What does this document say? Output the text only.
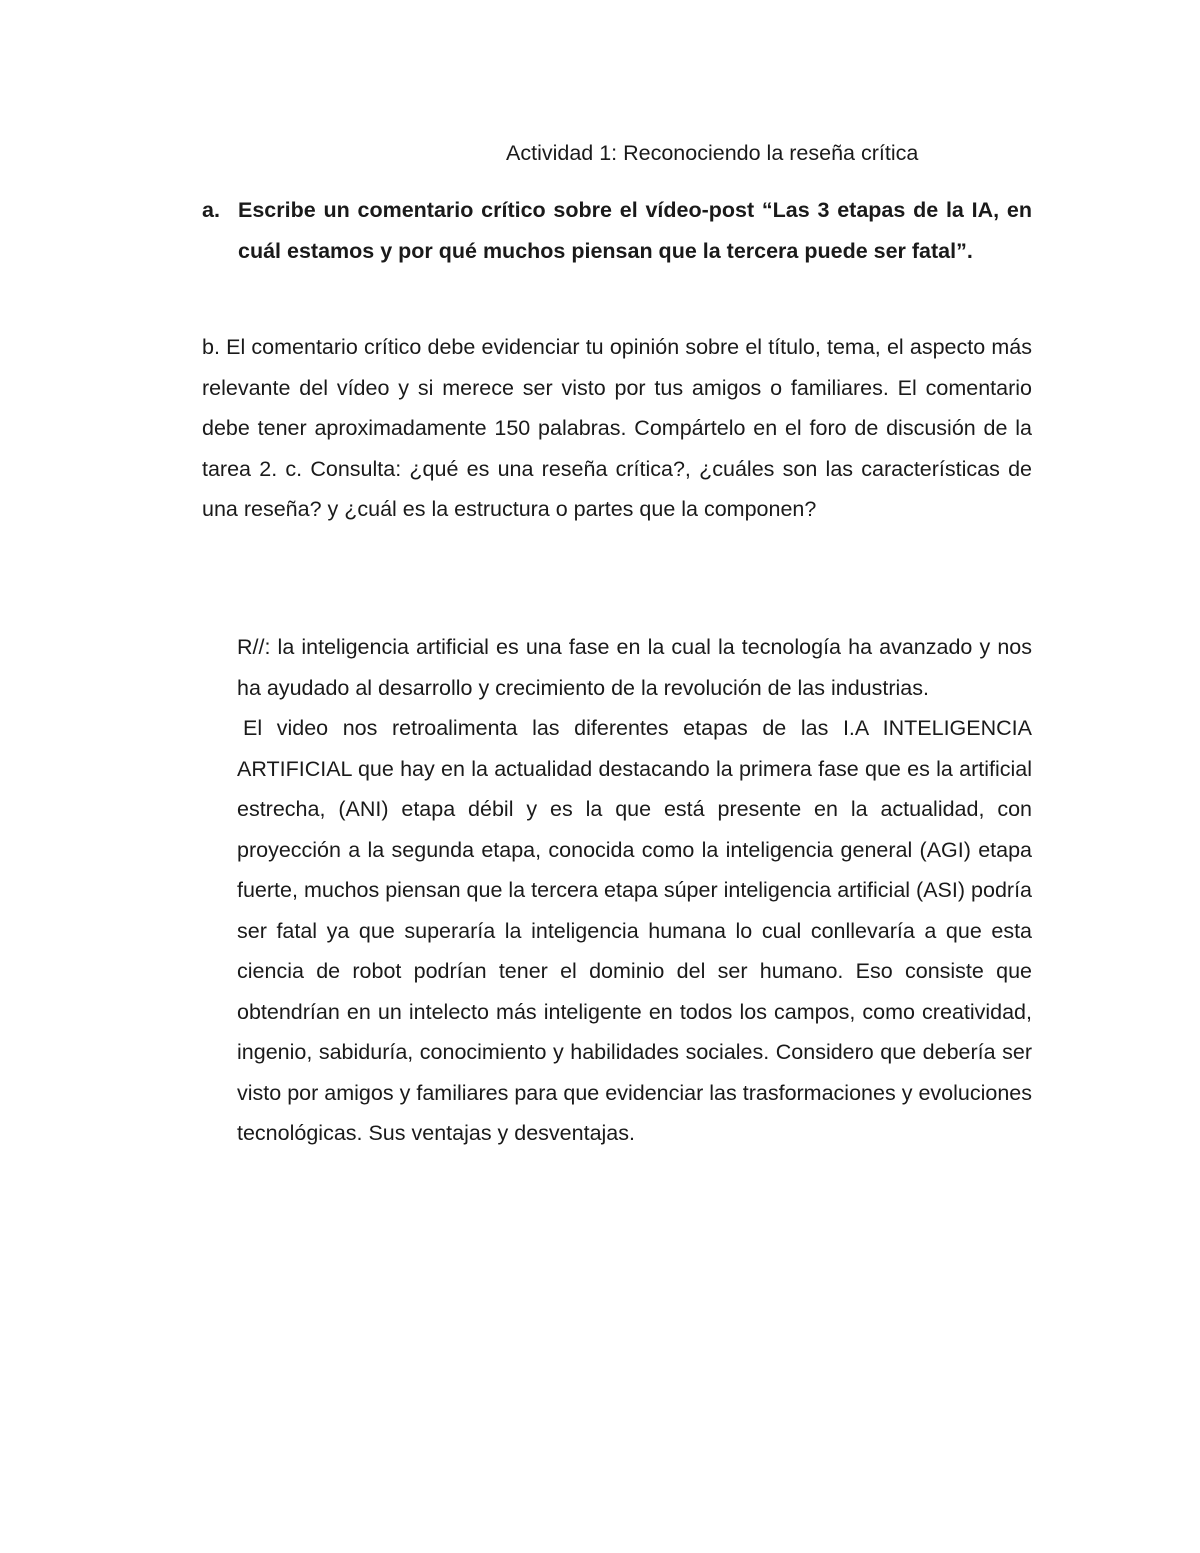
Actividad 1: Reconociendo la reseña crítica
a. Escribe un comentario crítico sobre el vídeo-post “Las 3 etapas de la IA, en cuál estamos y por qué muchos piensan que la tercera puede ser fatal”.
b. El comentario crítico debe evidenciar tu opinión sobre el título, tema, el aspecto más relevante del vídeo y si merece ser visto por tus amigos o familiares. El comentario debe tener aproximadamente 150 palabras. Compártelo en el foro de discusión de la tarea 2. c. Consulta: ¿qué es una reseña crítica?, ¿cuáles son las características de una reseña? y ¿cuál es la estructura o partes que la componen?

R//: la inteligencia artificial es una fase en la cual la tecnología ha avanzado y nos ha ayudado al desarrollo y crecimiento de la revolución de las industrias.

El video nos retroalimenta las diferentes etapas de las I.A INTELIGENCIA ARTIFICIAL que hay en la actualidad destacando la primera fase que es la artificial estrecha, (ANI) etapa débil y es la que está presente en la actualidad, con proyección a la segunda etapa, conocida como la inteligencia general (AGI) etapa fuerte, muchos piensan que la tercera etapa súper inteligencia artificial (ASI) podría ser fatal ya que superaría la inteligencia humana lo cual conllevaría a que esta ciencia de robot podrían tener el dominio del ser humano. Eso consiste que obtendrían en un intelecto más inteligente en todos los campos, como creatividad, ingenio, sabiduría, conocimiento y habilidades sociales. Considero que debería ser visto por amigos y familiares para que evidenciar las trasformaciones y evoluciones tecnológicas. Sus ventajas y desventajas.
